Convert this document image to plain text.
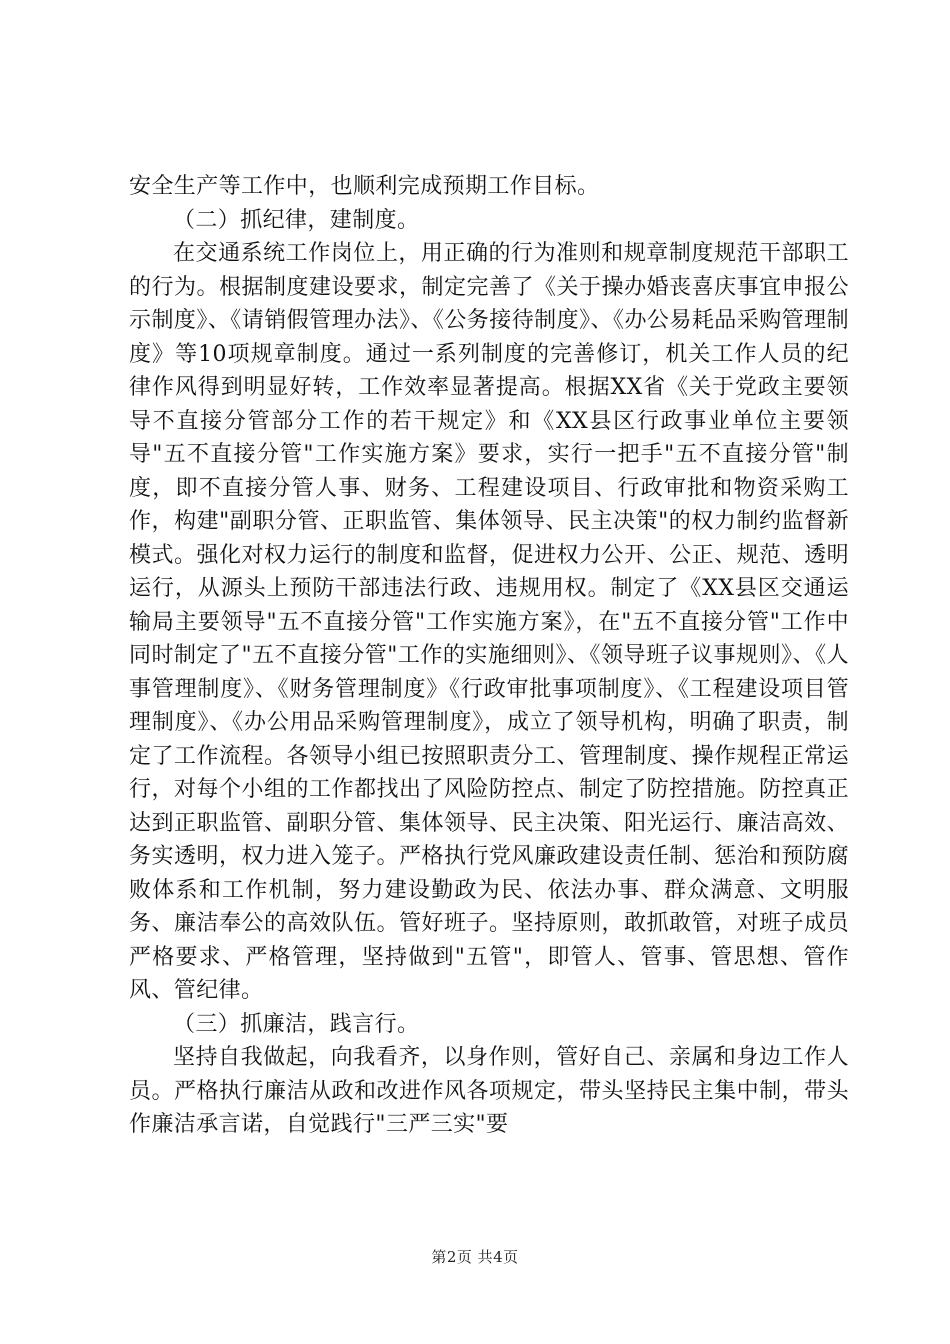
安全生产等工作中，也顺利完成预期工作目标。

（二）抓纪律，建制度。

在交通系统工作岗位上，用正确的行为准则和规章制度规范干部职工的行为。根据制度建设要求，制定完善了《关于操办婚丧喜庆事宜申报公示制度》、《请销假管理办法》、《公务接待制度》、《办公易耗品采购管理制度》等10项规章制度。通过一系列制度的完善修订，机关工作人员的纪律作风得到明显好转，工作效率显著提高。根据XX省《关于党政主要领导不直接分管部分工作的若干规定》和《XX县区行政事业单位主要领导"五不直接分管"工作实施方案》要求，实行一把手"五不直接分管"制度，即不直接分管人事、财务、工程建设项目、行政审批和物资采购工作，构建"副职分管、正职监管、集体领导、民主决策"的权力制约监督新模式。强化对权力运行的制度和监督，促进权力公开、公正、规范、透明运行，从源头上预防干部违法行政、违规用权。制定了《XX县区交通运输局主要领导"五不直接分管"工作实施方案》，在"五不直接分管"工作中同时制定了"五不直接分管"工作的实施细则》、《领导班子议事规则》、《人事管理制度》、《财务管理制度》《行政审批事项制度》、《工程建设项目管理制度》、《办公用品采购管理制度》，成立了领导机构，明确了职责，制定了工作流程。各领导小组已按照职责分工、管理制度、操作规程正常运行，对每个小组的工作都找出了风险防控点、制定了防控措施。防控真正达到正职监管、副职分管、集体领导、民主决策、阳光运行、廉洁高效、务实透明，权力进入笼子。严格执行党风廉政建设责任制、惩治和预防腐败体系和工作机制，努力建设勤政为民、依法办事、群众满意、文明服务、廉洁奉公的高效队伍。管好班子。坚持原则，敢抓敢管，对班子成员严格要求、严格管理，坚持做到"五管"，即管人、管事、管思想、管作风、管纪律。

（三）抓廉洁，践言行。

坚持自我做起，向我看齐，以身作则，管好自己、亲属和身边工作人员。严格执行廉洁从政和改进作风各项规定，带头坚持民主集中制，带头作廉洁承言诺，自觉践行"三严三实"要

第2页 共4页
